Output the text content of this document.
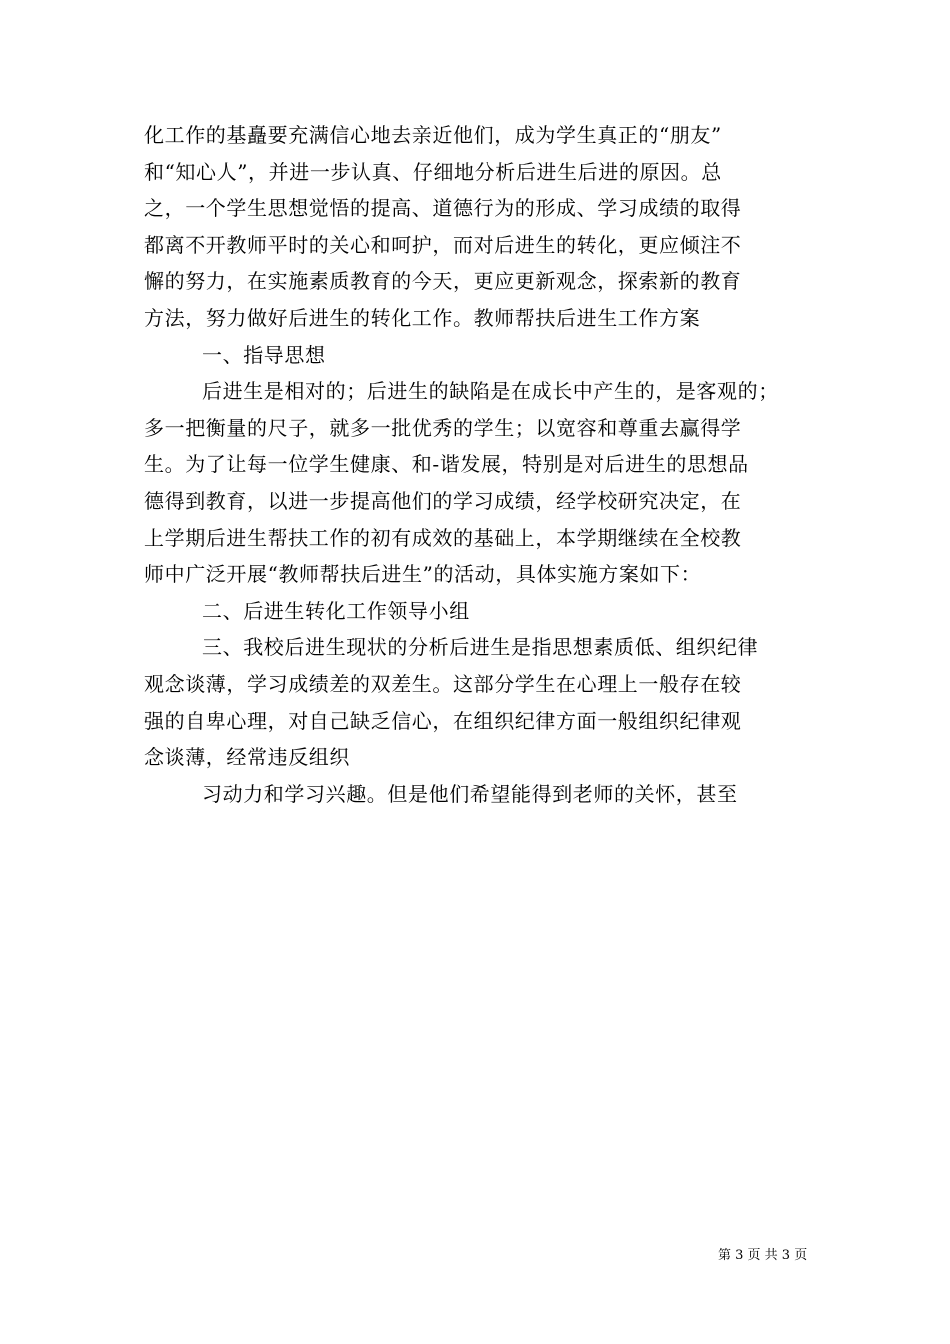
化工作的基矗要充满信心地去亲近他们，成为学生真正的“朋友”
和“知心人”，并进一步认真、仔细地分析后进生后进的原因。总
之，一个学生思想觉悟的提高、道德行为的形成、学习成绩的取得
都离不开教师平时的关心和呵护，而对后进生的转化，更应倾注不
懈的努力，在实施素质教育的今天，更应更新观念，探索新的教育
方法，努力做好后进生的转化工作。教师帮扶后进生工作方案
一、指导思想
后进生是相对的；后进生的缺陷是在成长中产生的，是客观的；
多一把衡量的尺子，就多一批优秀的学生；以宽容和尊重去赢得学
生。为了让每一位学生健康、和-谐发展，特别是对后进生的思想品
德得到教育，以进一步提高他们的学习成绩，经学校研究决定，在
上学期后进生帮扶工作的初有成效的基础上，本学期继续在全校教
师中广泛开展“教师帮扶后进生”的活动，具体实施方案如下：
二、后进生转化工作领导小组
三、我校后进生现状的分析后进生是指思想素质低、组织纪律
观念谈薄，学习成绩差的双差生。这部分学生在心理上一般存在较
强的自卑心理，对自己缺乏信心，在组织纪律方面一般组织纪律观
念谈薄，经常违反组织
习动力和学习兴趣。但是他们希望能得到老师的关怀，甚至
第 3 页 共 3 页
